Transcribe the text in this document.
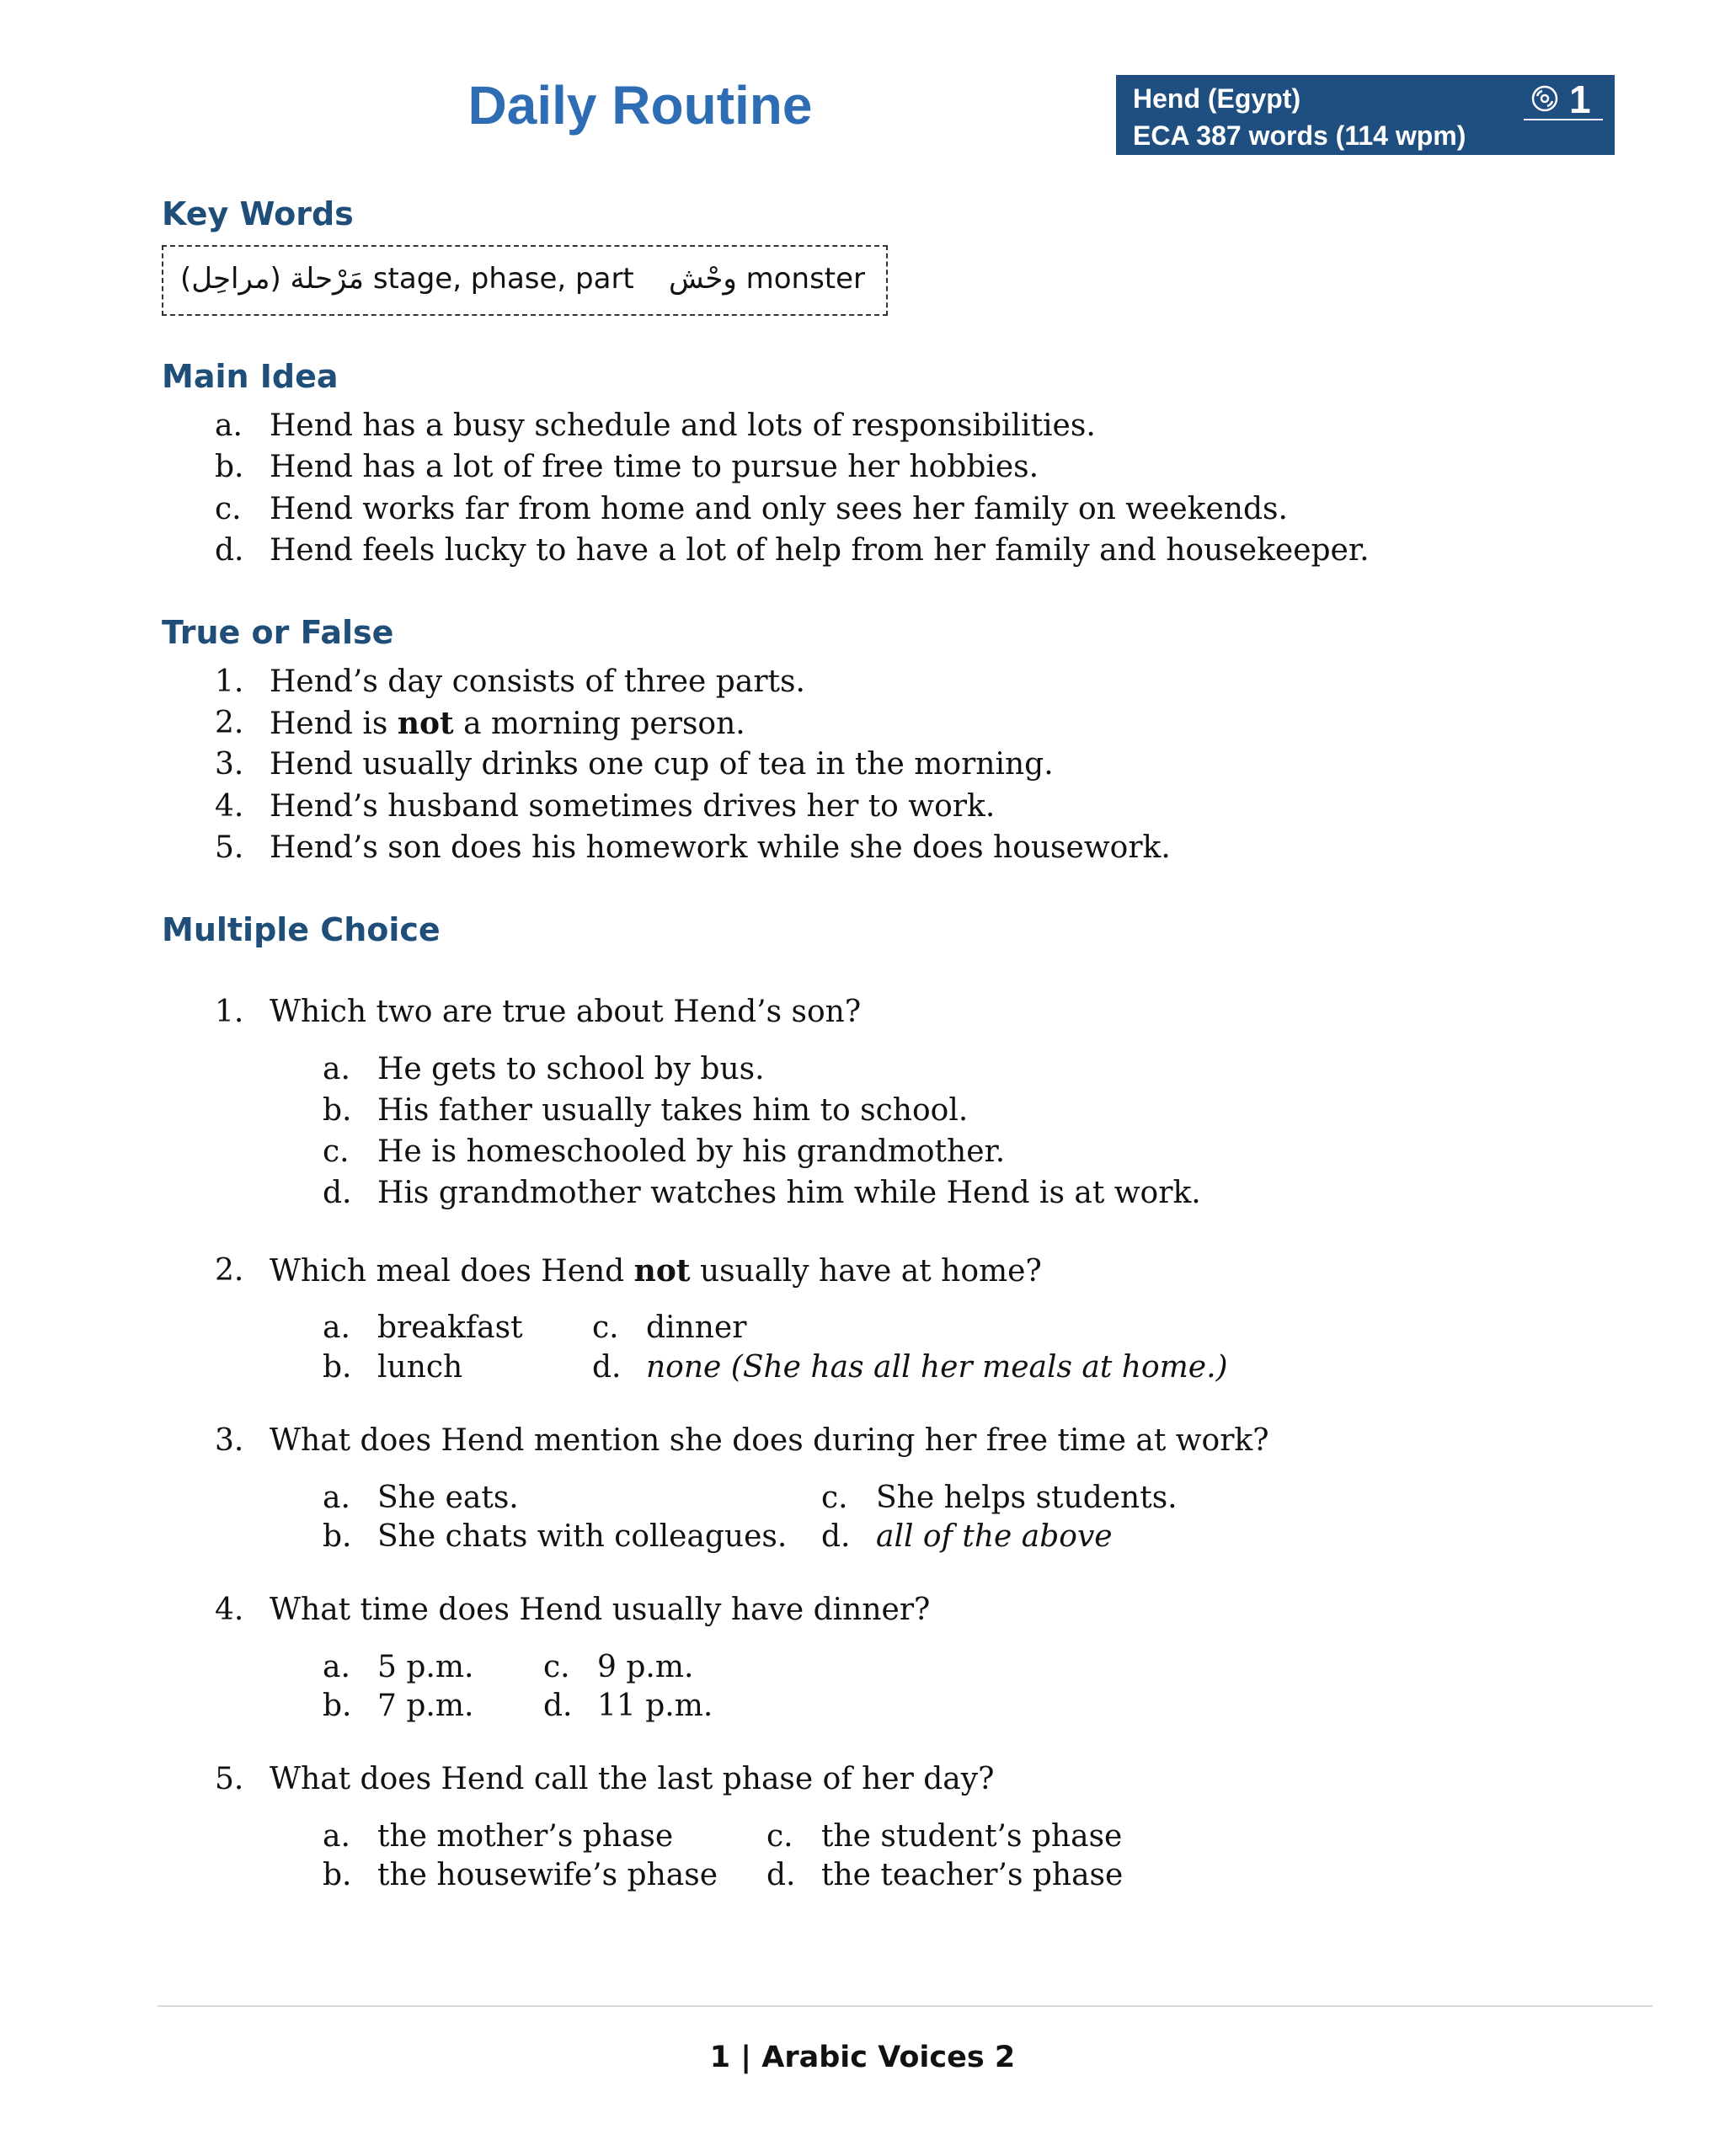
Daily Routine	Hend (Egypt)
ECA 387 words (114 wpm)
1
Key Words
مَرْحلة (مراحِل) stage, phase, part وحْش monster
Main Idea
a. Hend has a busy schedule and lots of responsibilities.
b. Hend has a lot of free time to pursue her hobbies.
c. Hend works far from home and only sees her family on weekends.
d. Hend feels lucky to have a lot of help from her family and housekeeper.
True or False
1. Hend’s day consists of three parts.
2. Hend is not a morning person.
3. Hend usually drinks one cup of tea in the morning.
4. Hend’s husband sometimes drives her to work.
5. Hend’s son does his homework while she does housework.
Multiple Choice
1. Which two are true about Hend’s son?
a. He gets to school by bus.
b. His father usually takes him to school.
c. He is homeschooled by his grandmother.
d. His grandmother watches him while Hend is at work.
2. Which meal does Hend not usually have at home?
a. breakfast
b. lunch
c. dinner
d. none (She has all her meals at home.)
3. What does Hend mention she does during her free time at work?
a. She eats.
b. She chats with colleagues.
c. She helps students.
d. all of the above
4. What time does Hend usually have dinner?
a. 5 p.m.
b. 7 p.m.
c. 9 p.m.
d. 11 p.m.
5. What does Hend call the last phase of her day?
a. the mother’s phase
b. the housewife’s phase
c. the student’s phase
d. the teacher’s phase
1 | Arabic Voices 2
